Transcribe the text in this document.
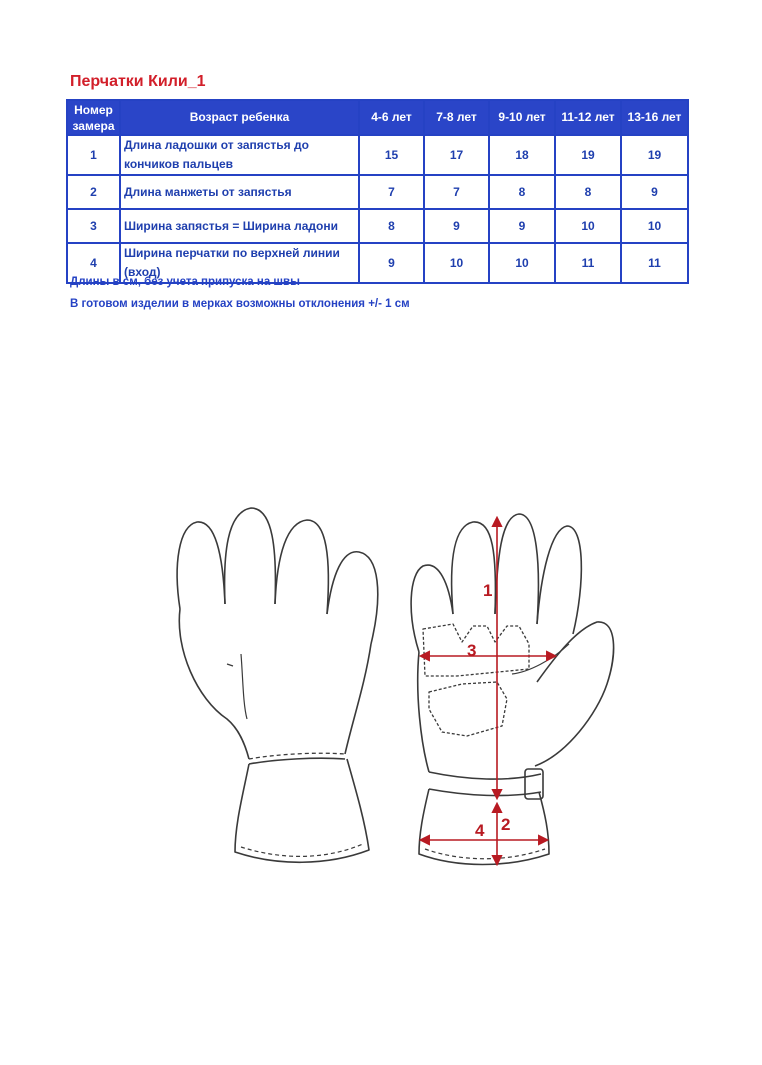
Перчатки Кили_1
Номер замера	Возраст ребенка	4-6 лет	7-8 лет	9-10 лет	11-12 лет	13-16 лет
1	Длина ладошки от запястья до кончиков пальцев	15	17	18	19	19
2	Длина манжеты от запястья	7	7	8	8	9
3	Ширина запястья = Ширина ладони	8	9	9	10	10
4	Ширина перчатки по верхней линии (вход)	9	10	10	11	11
Длины в см, без учета припуска на швы
В готовом изделии в мерках возможны отклонения +/- 1 см
1
2
3
4
